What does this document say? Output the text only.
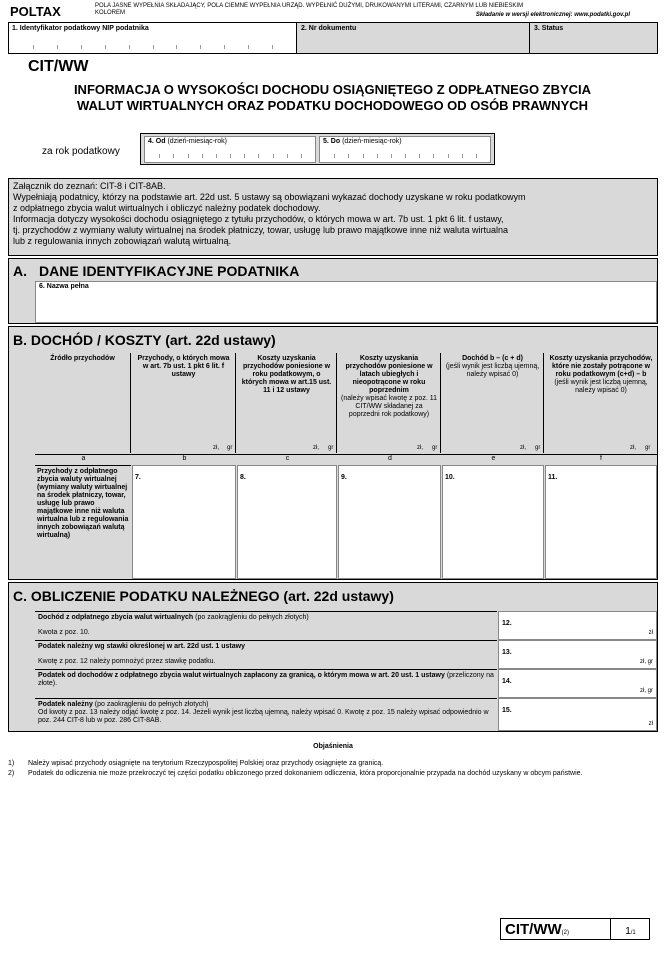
POLTAX	POLA JASNE WYPEŁNIA SKŁADAJĄCY, POLA CIEMNE WYPEŁNIA URZĄD. WYPEŁNIĆ DUŻYMI, DRUKOWANYMI LITERAMI, CZARNYM LUB NIEBIESKIM KOLOREM	Składanie w wersji elektronicznej: www.podatki.gov.pl
1. Identyfikator podatkowy NIP podatnika	2. Nr dokumentu	3. Status
CIT/WW
INFORMACJA O WYSOKOŚCI DOCHODU OSIĄGNIĘTEGO Z ODPŁATNEGO ZBYCIA
WALUT WIRTUALNYCH ORAZ PODATKU DOCHODOWEGO OD OSÓB PRAWNYCH
za rok podatkowy
4. Od (dzień-miesiąc-rok)	5. Do (dzień-miesiąc-rok)
Załącznik do zeznań: CIT-8 i CIT-8AB.
Wypełniają podatnicy, którzy na podstawie art. 22d ust. 5 ustawy są obowiązani wykazać dochody uzyskane w roku podatkowym
z odpłatnego zbycia walut wirtualnych i obliczyć należny podatek dochodowy.
Informacja dotyczy wysokości dochodu osiągniętego z tytułu przychodów, o których mowa w art. 7b ust. 1 pkt 6 lit. f ustawy,
tj. przychodów z wymiany waluty wirtualnej na środek płatniczy, towar, usługę lub prawo majątkowe inne niż waluta wirtualna
lub z regulowania innych zobowiązań walutą wirtualną.
A. DANE IDENTYFIKACYJNE PODATNIKA
6. Nazwa pełna
B. DOCHÓD / KOSZTY (art. 22d ustawy)
Źródło przychodów	Przychody, o których mowa w art. 7b ust. 1 pkt 6 lit. f ustawy
Koszty uzyskania przychodów poniesione w roku podatkowym, o których mowa w art.15 ust. 11 i 12 ustawy
Koszty uzyskania przychodów poniesione w latach ubiegłych i nieopotrącone w roku poprzednim
(należy wpisać kwotę z poz. 11 CIT/WW składanej za poprzedni rok podatkowy)
Dochód b – (c + d)
(jeśli wynik jest liczbą ujemną, należy wpisać 0)
Koszty uzyskania przychodów, które nie zostały potrącone w roku podatkowym (c+d) – b
(jeśli wynik jest liczbą ujemną, należy wpisać 0)
zł, gr	zł, gr	zł, gr	zł, gr	zł, gr
a	b	c	d	e	f
Przychody z odpłatnego zbycia waluty wirtualnej (wymiany waluty wirtualnej na środek płatniczy, towar, usługę lub prawo majątkowe inne niż waluta wirtualna lub z regulowania innych zobowiązań walutą wirtualną)
7.	8.	9.	10.	11.
C. OBLICZENIE PODATKU NALEŻNEGO (art. 22d ustawy)
Dochód z odpłatnego zbycia walut wirtualnych (po zaokrągleniu do pełnych złotych)
Kwota z poz. 10.
12.
zł
Podatek należny wg stawki określonej w art. 22d ust. 1 ustawy
Kwotę z poz. 12 należy pomnożyć przez stawkę podatku.
13.
zł, gr
Podatek od dochodów z odpłatnego zbycia walut wirtualnych zapłacony za granicą, o którym mowa w art. 20 ust. 1 ustawy (przeliczony na złote).	14.
zł, gr
Podatek należny (po zaokrągleniu do pełnych złotych)
Od kwoty z poz. 13 należy odjąć kwotę z poz. 14. Jeżeli wynik jest liczbą ujemną, należy wpisać 0. Kwotę z poz. 15 należy wpisać odpowiednio w poz. 244 CIT-8 lub w poz. 286 CIT-8AB.
15.
zł
Objaśnienia
1)	Należy wpisać przychody osiągnięte na terytorium Rzeczypospolitej Polskiej oraz przychody osiągnięte za granicą.
2)	Podatek do odliczenia nie może przekroczyć tej części podatku obliczonego przed dokonaniem odliczenia, która proporcjonalnie przypada na dochód uzyskany w obcym państwie.
CIT/WW(2)	1/1
